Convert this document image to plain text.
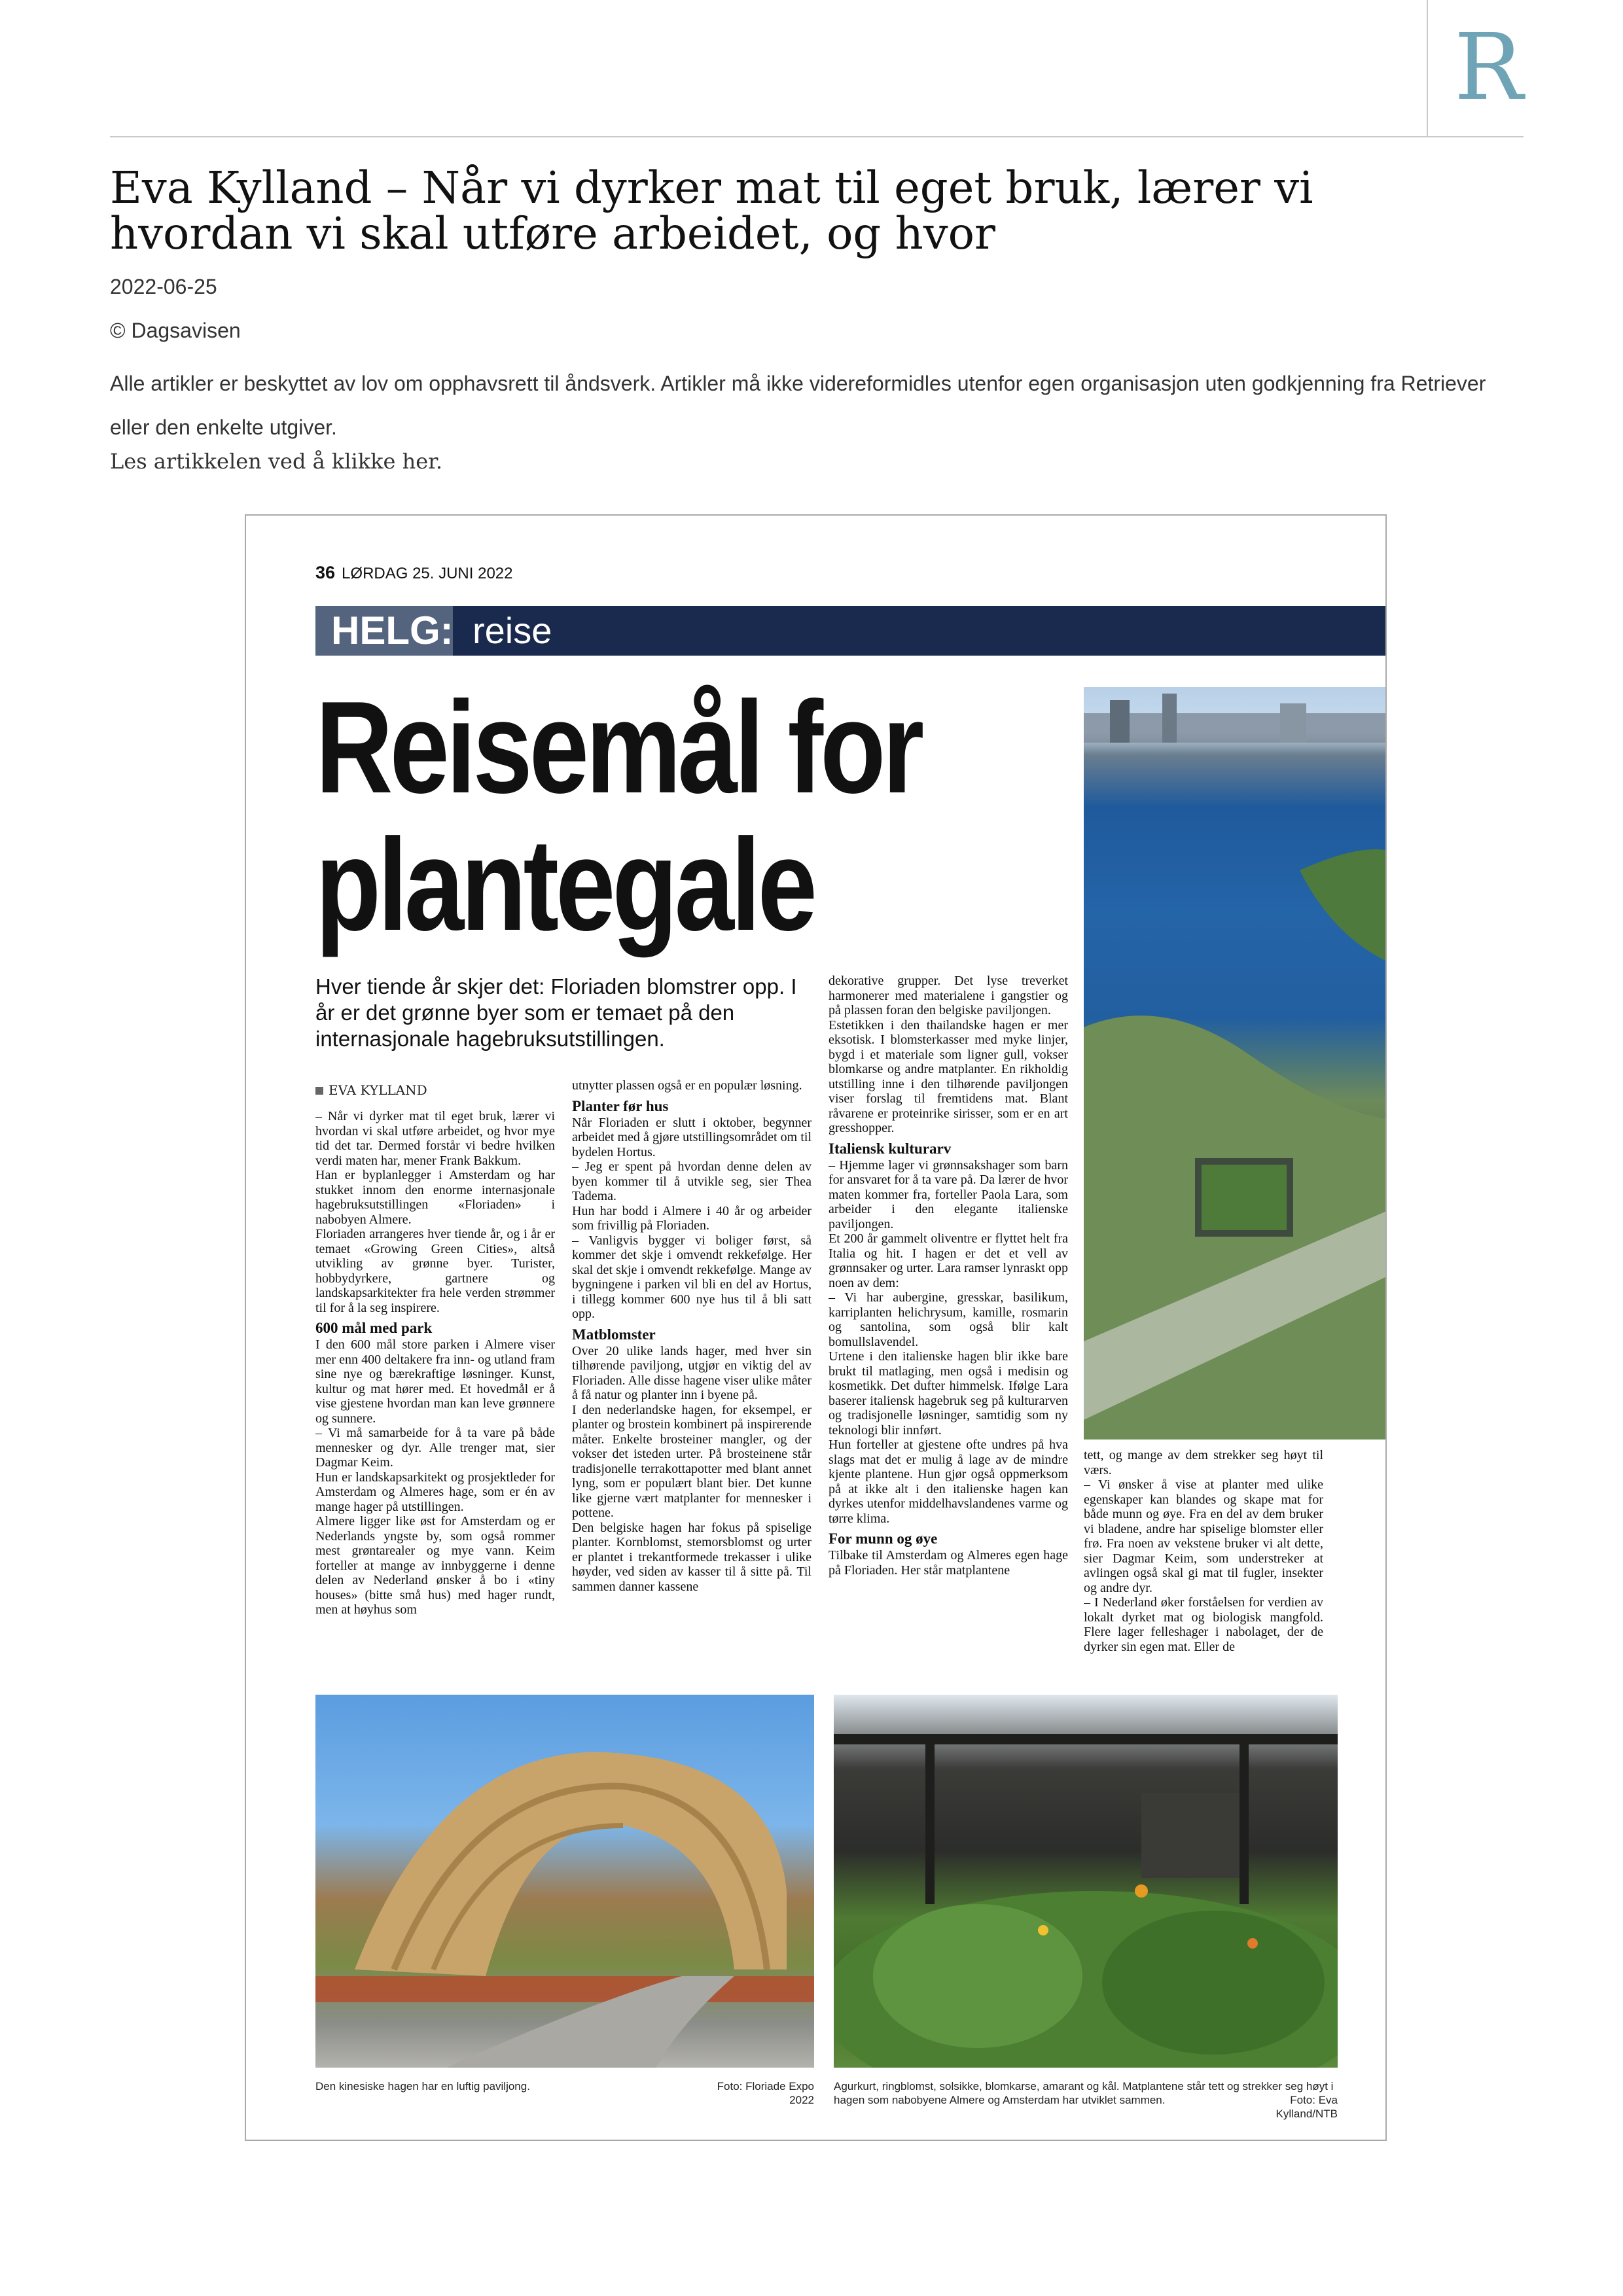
R
Eva Kylland – Når vi dyrker mat til eget bruk, lærer vi hvordan vi skal utføre arbeidet, og hvor
2022-06-25
© Dagsavisen
Alle artikler er beskyttet av lov om opphavsrett til åndsverk. Artikler må ikke videreformidles utenfor egen organisasjon uten godkjenning fra Retriever eller den enkelte utgiver.
Les artikkelen ved å klikke her.
36 LØRDAG 25. JUNI 2022
HELG: reise
Reisemål for plantegale
Hver tiende år skjer det: Floriaden blomstrer opp. I år er det grønne byer som er temaet på den internasjonale hagebruksutstillingen.
EVA KYLLAND

– Når vi dyrker mat til eget bruk, lærer vi hvordan vi skal utføre arbeidet, og hvor mye tid det tar. Dermed forstår vi bedre hvilken verdi maten har, mener Frank Bakkum.

Han er byplanlegger i Amsterdam og har stukket innom den enorme internasjonale hagebruksutstillingen «Floriaden» i nabobyen Almere.

Floriaden arrangeres hver tiende år, og i år er temaet «Growing Green Cities», altså utvikling av grønne byer. Turister, hobbydyrkere, gartnere og landskapsarkitekter fra hele verden strømmer til for å la seg inspirere.

600 mål med park

I den 600 mål store parken i Almere viser mer enn 400 deltakere fra inn- og utland fram sine nye og bærekraftige løsninger. Kunst, kultur og mat hører med. Et hovedmål er å vise gjestene hvordan man kan leve grønnere og sunnere.

– Vi må samarbeide for å ta vare på både mennesker og dyr. Alle trenger mat, sier Dagmar Keim.

Hun er landskapsarkitekt og prosjektleder for Amsterdam og Almeres hage, som er én av mange hager på utstillingen.

Almere ligger like øst for Amsterdam og er Nederlands yngste by, som også rommer mest grøntarealer og mye vann. Keim forteller at mange av innbyggerne i denne delen av Nederland ønsker å bo i «tiny houses» (bitte små hus) med hager rundt, men at høyhus som

utnytter plassen også er en populær løsning.

Planter før hus

Når Floriaden er slutt i oktober, begynner arbeidet med å gjøre utstillingsområdet om til bydelen Hortus.

– Jeg er spent på hvordan denne delen av byen kommer til å utvikle seg, sier Thea Tadema.

Hun har bodd i Almere i 40 år og arbeider som frivillig på Floriaden.

– Vanligvis bygger vi boliger først, så kommer det skje i omvendt rekkefølge. Her skal det skje i omvendt rekkefølge. Mange av bygningene i parken vil bli en del av Hortus, i tillegg kommer 600 nye hus til å bli satt opp.

Matblomster

Over 20 ulike lands hager, med hver sin tilhørende paviljong, utgjør en viktig del av Floriaden. Alle disse hagene viser ulike måter å få natur og planter inn i byene på.

I den nederlandske hagen, for eksempel, er planter og brostein kombinert på inspirerende måter. Enkelte brosteiner mangler, og der vokser det isteden urter. På brosteinene står tradisjonelle terrakottapotter med blant annet lyng, som er populært blant bier. Det kunne like gjerne vært matplanter for mennesker i pottene.

Den belgiske hagen har fokus på spiselige planter. Kornblomst, stemorsblomst og urter er plantet i trekantformede trekasser i ulike høyder, ved siden av kasser til å sitte på. Til sammen danner kassene

dekorative grupper. Det lyse treverket harmonerer med materialene i gangstier og på plassen foran den belgiske paviljongen.

Estetikken i den thailandske hagen er mer eksotisk. I blomsterkasser med myke linjer, bygd i et materiale som ligner gull, vokser blomkarse og andre matplanter. En rikholdig utstilling inne i den tilhørende paviljongen viser forslag til fremtidens mat. Blant råvarene er proteinrike sirisser, som er en art gresshopper.

Italiensk kulturarv

– Hjemme lager vi grønnsakshager som barn for ansvaret for å ta vare på. Da lærer de hvor maten kommer fra, forteller Paola Lara, som arbeider i den elegante italienske paviljongen.

Et 200 år gammelt oliventre er flyttet helt fra Italia og hit. I hagen er det et vell av grønnsaker og urter. Lara ramser lynraskt opp noen av dem:

– Vi har aubergine, gresskar, basilikum, karriplanten helichrysum, kamille, rosmarin og santolina, som også blir kalt bomullslavendel.

Urtene i den italienske hagen blir ikke bare brukt til matlaging, men også i medisin og kosmetikk. Det dufter himmelsk. Ifølge Lara baserer italiensk hagebruk seg på kulturarven og tradisjonelle løsninger, samtidig som ny teknologi blir innført.

Hun forteller at gjestene ofte undres på hva slags mat det er mulig å lage av de mindre kjente plantene. Hun gjør også oppmerksom på at ikke alt i den italienske hagen kan dyrkes utenfor middelhavslandenes varme og tørre klima.

For munn og øye

Tilbake til Amsterdam og Almeres egen hage på Floriaden. Her står matplantene

tett, og mange av dem strekker seg høyt til værs.

– Vi ønsker å vise at planter med ulike egenskaper kan blandes og skape mat for både munn og øye. Fra en del av dem bruker vi bladene, andre har spiselige blomster eller frø. Fra noen av vekstene bruker vi alt dette, sier Dagmar Keim, som understreker at avlingen også skal gi mat til fugler, insekter og andre dyr.

– I Nederland øker forståelsen for verdien av lokalt dyrket mat og biologisk mangfold. Flere lager felleshager i nabolaget, der de dyrker sin egen mat. Eller de

Den kinesiske hagen har en luftig paviljong.	Foto: Floriade Expo 2022
Agurkurt, ringblomst, solsikke, blomkarse, amarant og kål. Matplantene står tett og strekker seg høyt i hagen som nabobyene Almere og Amsterdam har utviklet sammen.	Foto: Eva Kylland/NTB
